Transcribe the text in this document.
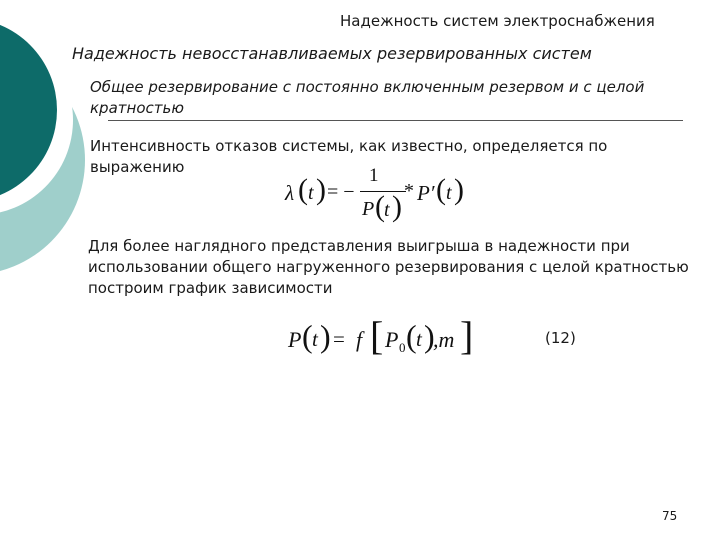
Надежность систем электроснабжения
Надежность невосстанавливаемых резервированных систем
Общее резервирование с постоянно включенным резервом и с целой кратностью
Интенсивность отказов системы, как известно, определяется по выражению
λ ( t ) = −
1
P ( t ) * P′ ( t )
Для более наглядного представления выигрыша в надежности при использовании общего нагруженного резервирования с целой кратностью построим график зависимости
P ( t ) = f [ P 0 ( t )
,m ]	(12)
75
